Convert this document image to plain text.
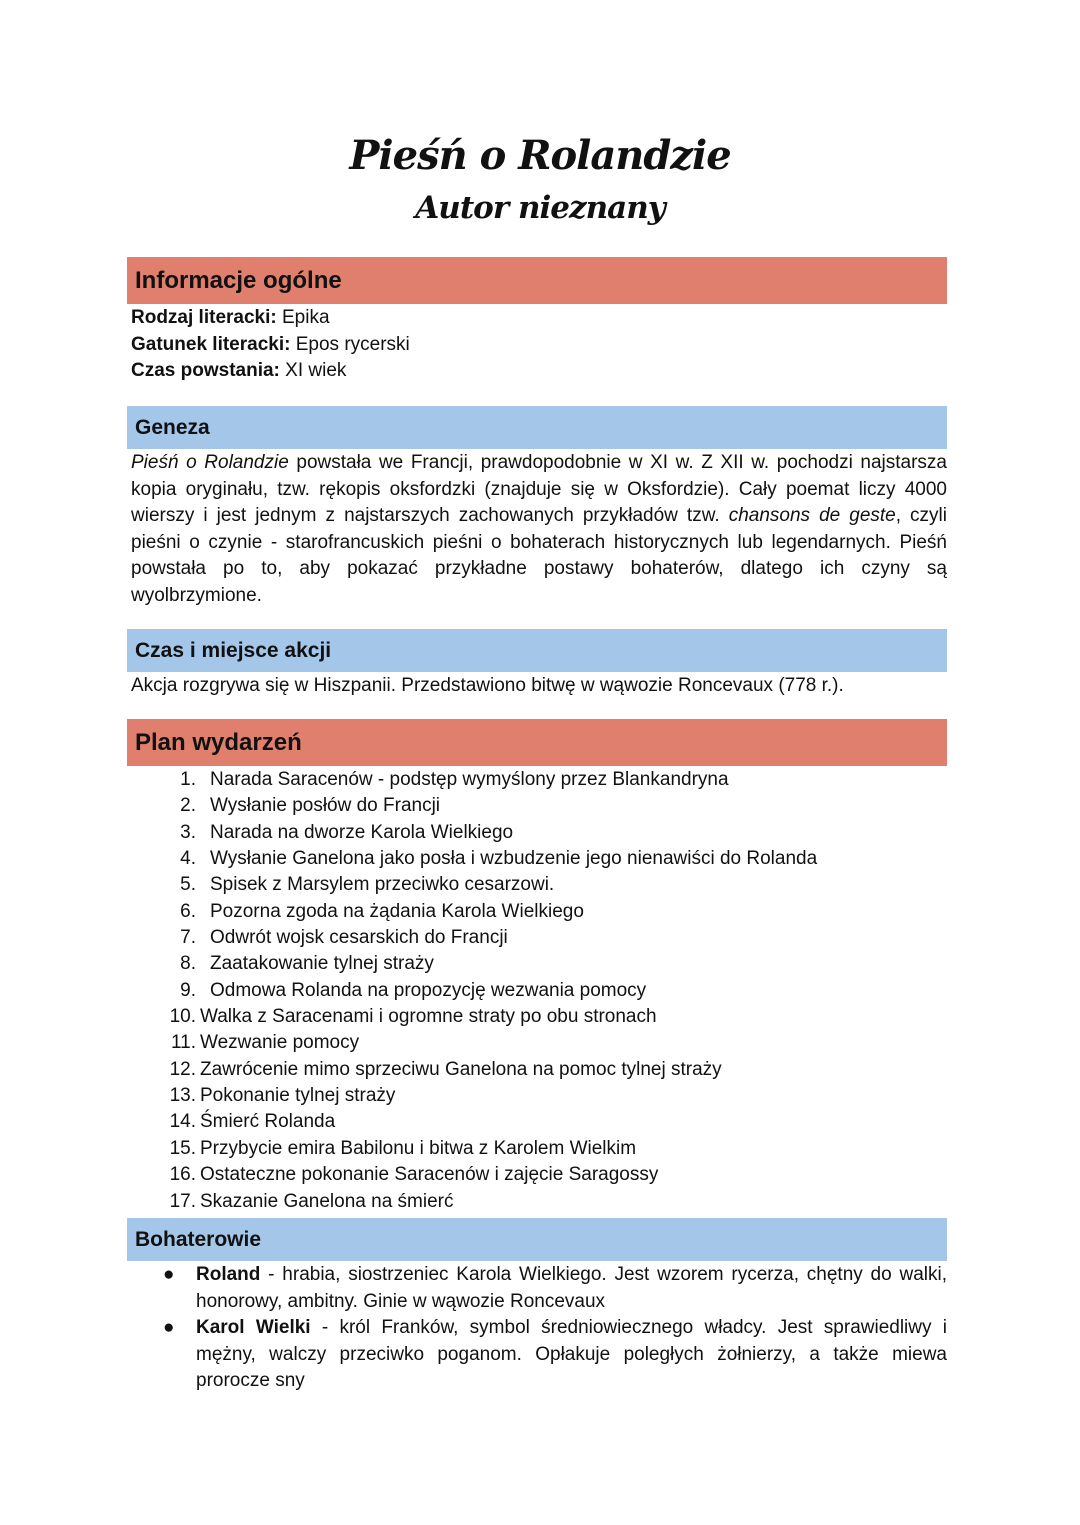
Pieśń o Rolandzie
Autor nieznany
Informacje ogólne
Rodzaj literacki: Epika
Gatunek literacki: Epos rycerski
Czas powstania: XI wiek
Geneza
Pieśń o Rolandzie powstała we Francji, prawdopodobnie w XI w. Z XII w. pochodzi najstarsza kopia oryginału, tzw. rękopis oksfordzki (znajduje się w Oksfordzie). Cały poemat liczy 4000 wierszy i jest jednym z najstarszych zachowanych przykładów tzw. chansons de geste, czyli pieśni o czynie - starofrancuskich pieśni o bohaterach historycznych lub legendarnych. Pieśń powstała po to, aby pokazać przykładne postawy bohaterów, dlatego ich czyny są wyolbrzymione.
Czas i miejsce akcji
Akcja rozgrywa się w Hiszpanii. Przedstawiono bitwę w wąwozie Roncevaux (778 r.).
Plan wydarzeń
1. Narada Saracenów - podstęp wymyślony przez Blankandryna
2. Wysłanie posłów do Francji
3. Narada na dworze Karola Wielkiego
4. Wysłanie Ganelona jako posła i wzbudzenie jego nienawiści do Rolanda
5. Spisek z Marsylem przeciwko cesarzowi.
6. Pozorna zgoda na żądania Karola Wielkiego
7. Odwrót wojsk cesarskich do Francji
8. Zaatakowanie tylnej straży
9. Odmowa Rolanda na propozycję wezwania pomocy
10. Walka z Saracenami i ogromne straty po obu stronach
11. Wezwanie pomocy
12. Zawrócenie mimo sprzeciwu Ganelona na pomoc tylnej straży
13. Pokonanie tylnej straży
14. Śmierć Rolanda
15. Przybycie emira Babilonu i bitwa z Karolem Wielkim
16. Ostateczne pokonanie Saracenów i zajęcie Saragossy
17. Skazanie Ganelona na śmierć
Bohaterowie
●	Roland - hrabia, siostrzeniec Karola Wielkiego. Jest wzorem rycerza, chętny do walki, honorowy, ambitny. Ginie w wąwozie Roncevaux
●	Karol Wielki - król Franków, symbol średniowiecznego władcy. Jest sprawiedliwy i mężny, walczy przeciwko poganom. Opłakuje poległych żołnierzy, a także miewa prorocze sny
